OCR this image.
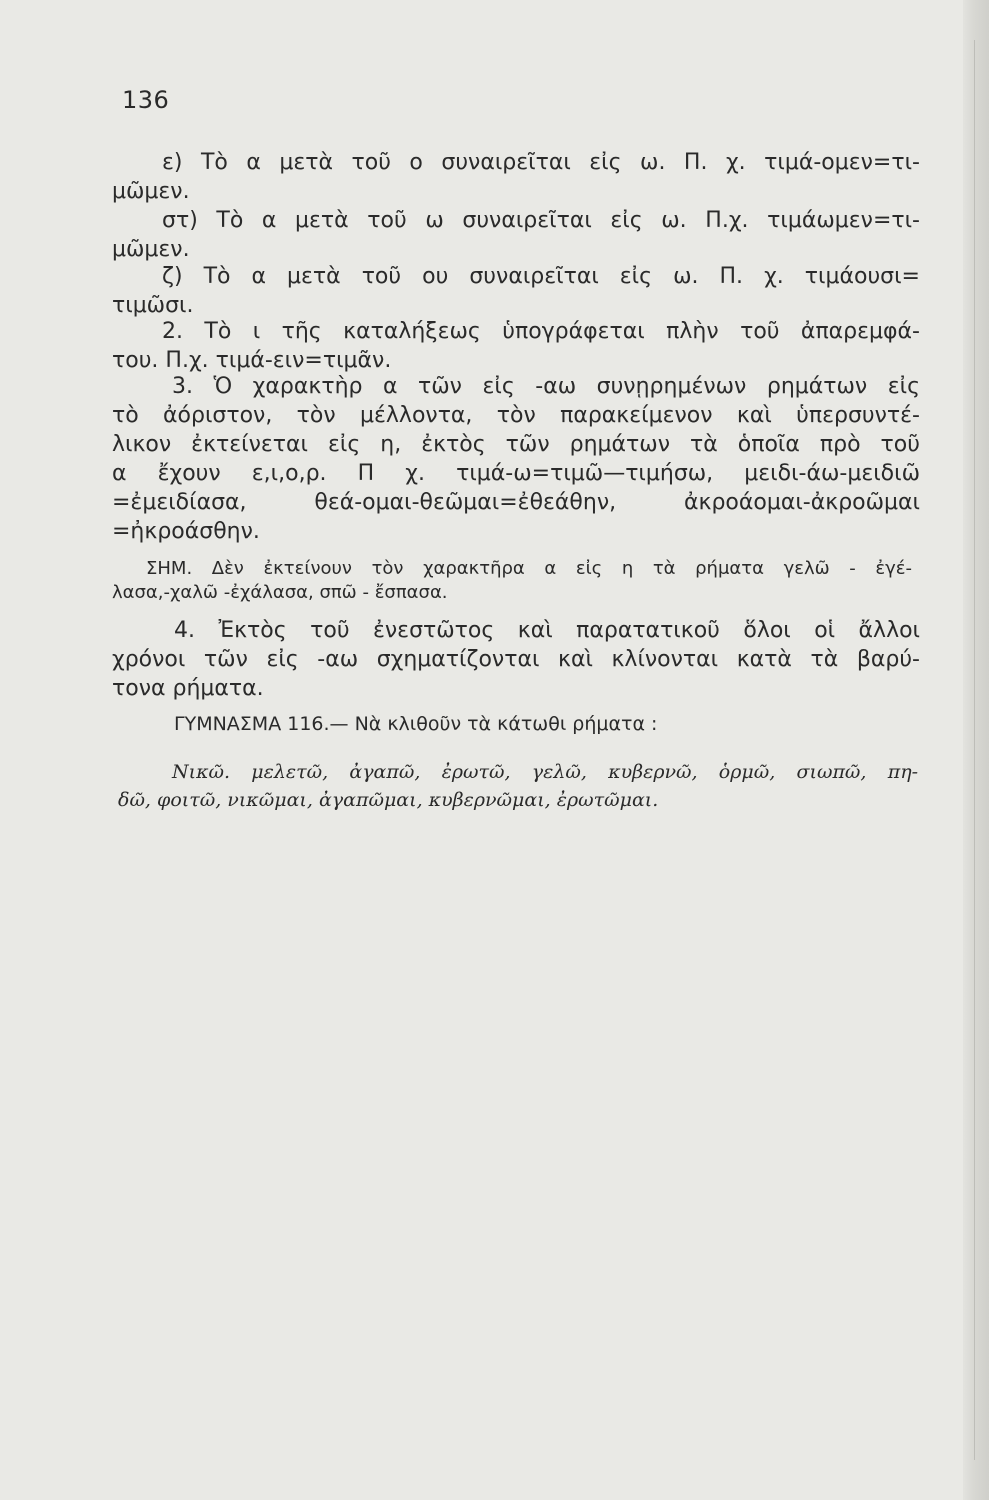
136
ε) Τὸ α μετὰ τοῦ ο συναιρεῖται εἰς ω. Π. χ. τιμά-ομεν=τι-
μῶμεν.
στ) Τὸ α μετὰ τοῦ ω συναιρεῖται εἰς ω. Π.χ. τιμάωμεν=τι-
μῶμεν.
ζ) Τὸ α μετὰ τοῦ ου συναιρεῖται εἰς ω. Π. χ. τιμάουσι=
τιμῶσι.
2. Τὸ ι τῆς καταλήξεως ὑπογράφεται πλὴν τοῦ ἀπαρεμφά-
του. Π.χ. τιμά-ειν=τιμᾶν.
3. Ὁ χαρακτὴρ α τῶν εἰς -αω συνῃρημένων ρημάτων εἰς
τὸ ἀόριστον, τὸν μέλλοντα, τὸν παρακείμενον καὶ ὑπερσυντέ-
λικον ἐκτείνεται εἰς η, ἐκτὸς τῶν ρημάτων τὰ ὁποῖα πρὸ τοῦ
α ἔχουν ε,ι,ο,ρ. Π χ. τιμά-ω=τιμῶ—τιμήσω, μειδι-άω-μειδιῶ
=ἐμειδίασα, θεά-ομαι-θεῶμαι=ἐθεάθην, ἀκροάομαι-ἀκροῶμαι
=ἠκροάσθην.
ΣΗΜ. Δὲν ἐκτείνουν τὸν χαρακτῆρα α εἰς η τὰ ρήματα γελῶ - ἐγέ-
λασα,-χαλῶ -ἐχάλασα, σπῶ - ἔσπασα.
4. Ἐκτὸς τοῦ ἐνεστῶτος καὶ παρατατικοῦ ὅλοι οἱ ἄλλοι
χρόνοι τῶν εἰς -αω σχηματίζονται καὶ κλίνονται κατὰ τὰ βαρύ-
τονα ρήματα.
ΓΥΜΝΑΣΜΑ 116.— Νὰ κλιθοῦν τὰ κάτωθι ρήματα :
Νικῶ. μελετῶ, ἀγαπῶ, ἐρωτῶ, γελῶ, κυβερνῶ, ὁρμῶ, σιωπῶ, πη-
δῶ, φοιτῶ, νικῶμαι, ἀγαπῶμαι, κυβερνῶμαι, ἐρωτῶμαι.
